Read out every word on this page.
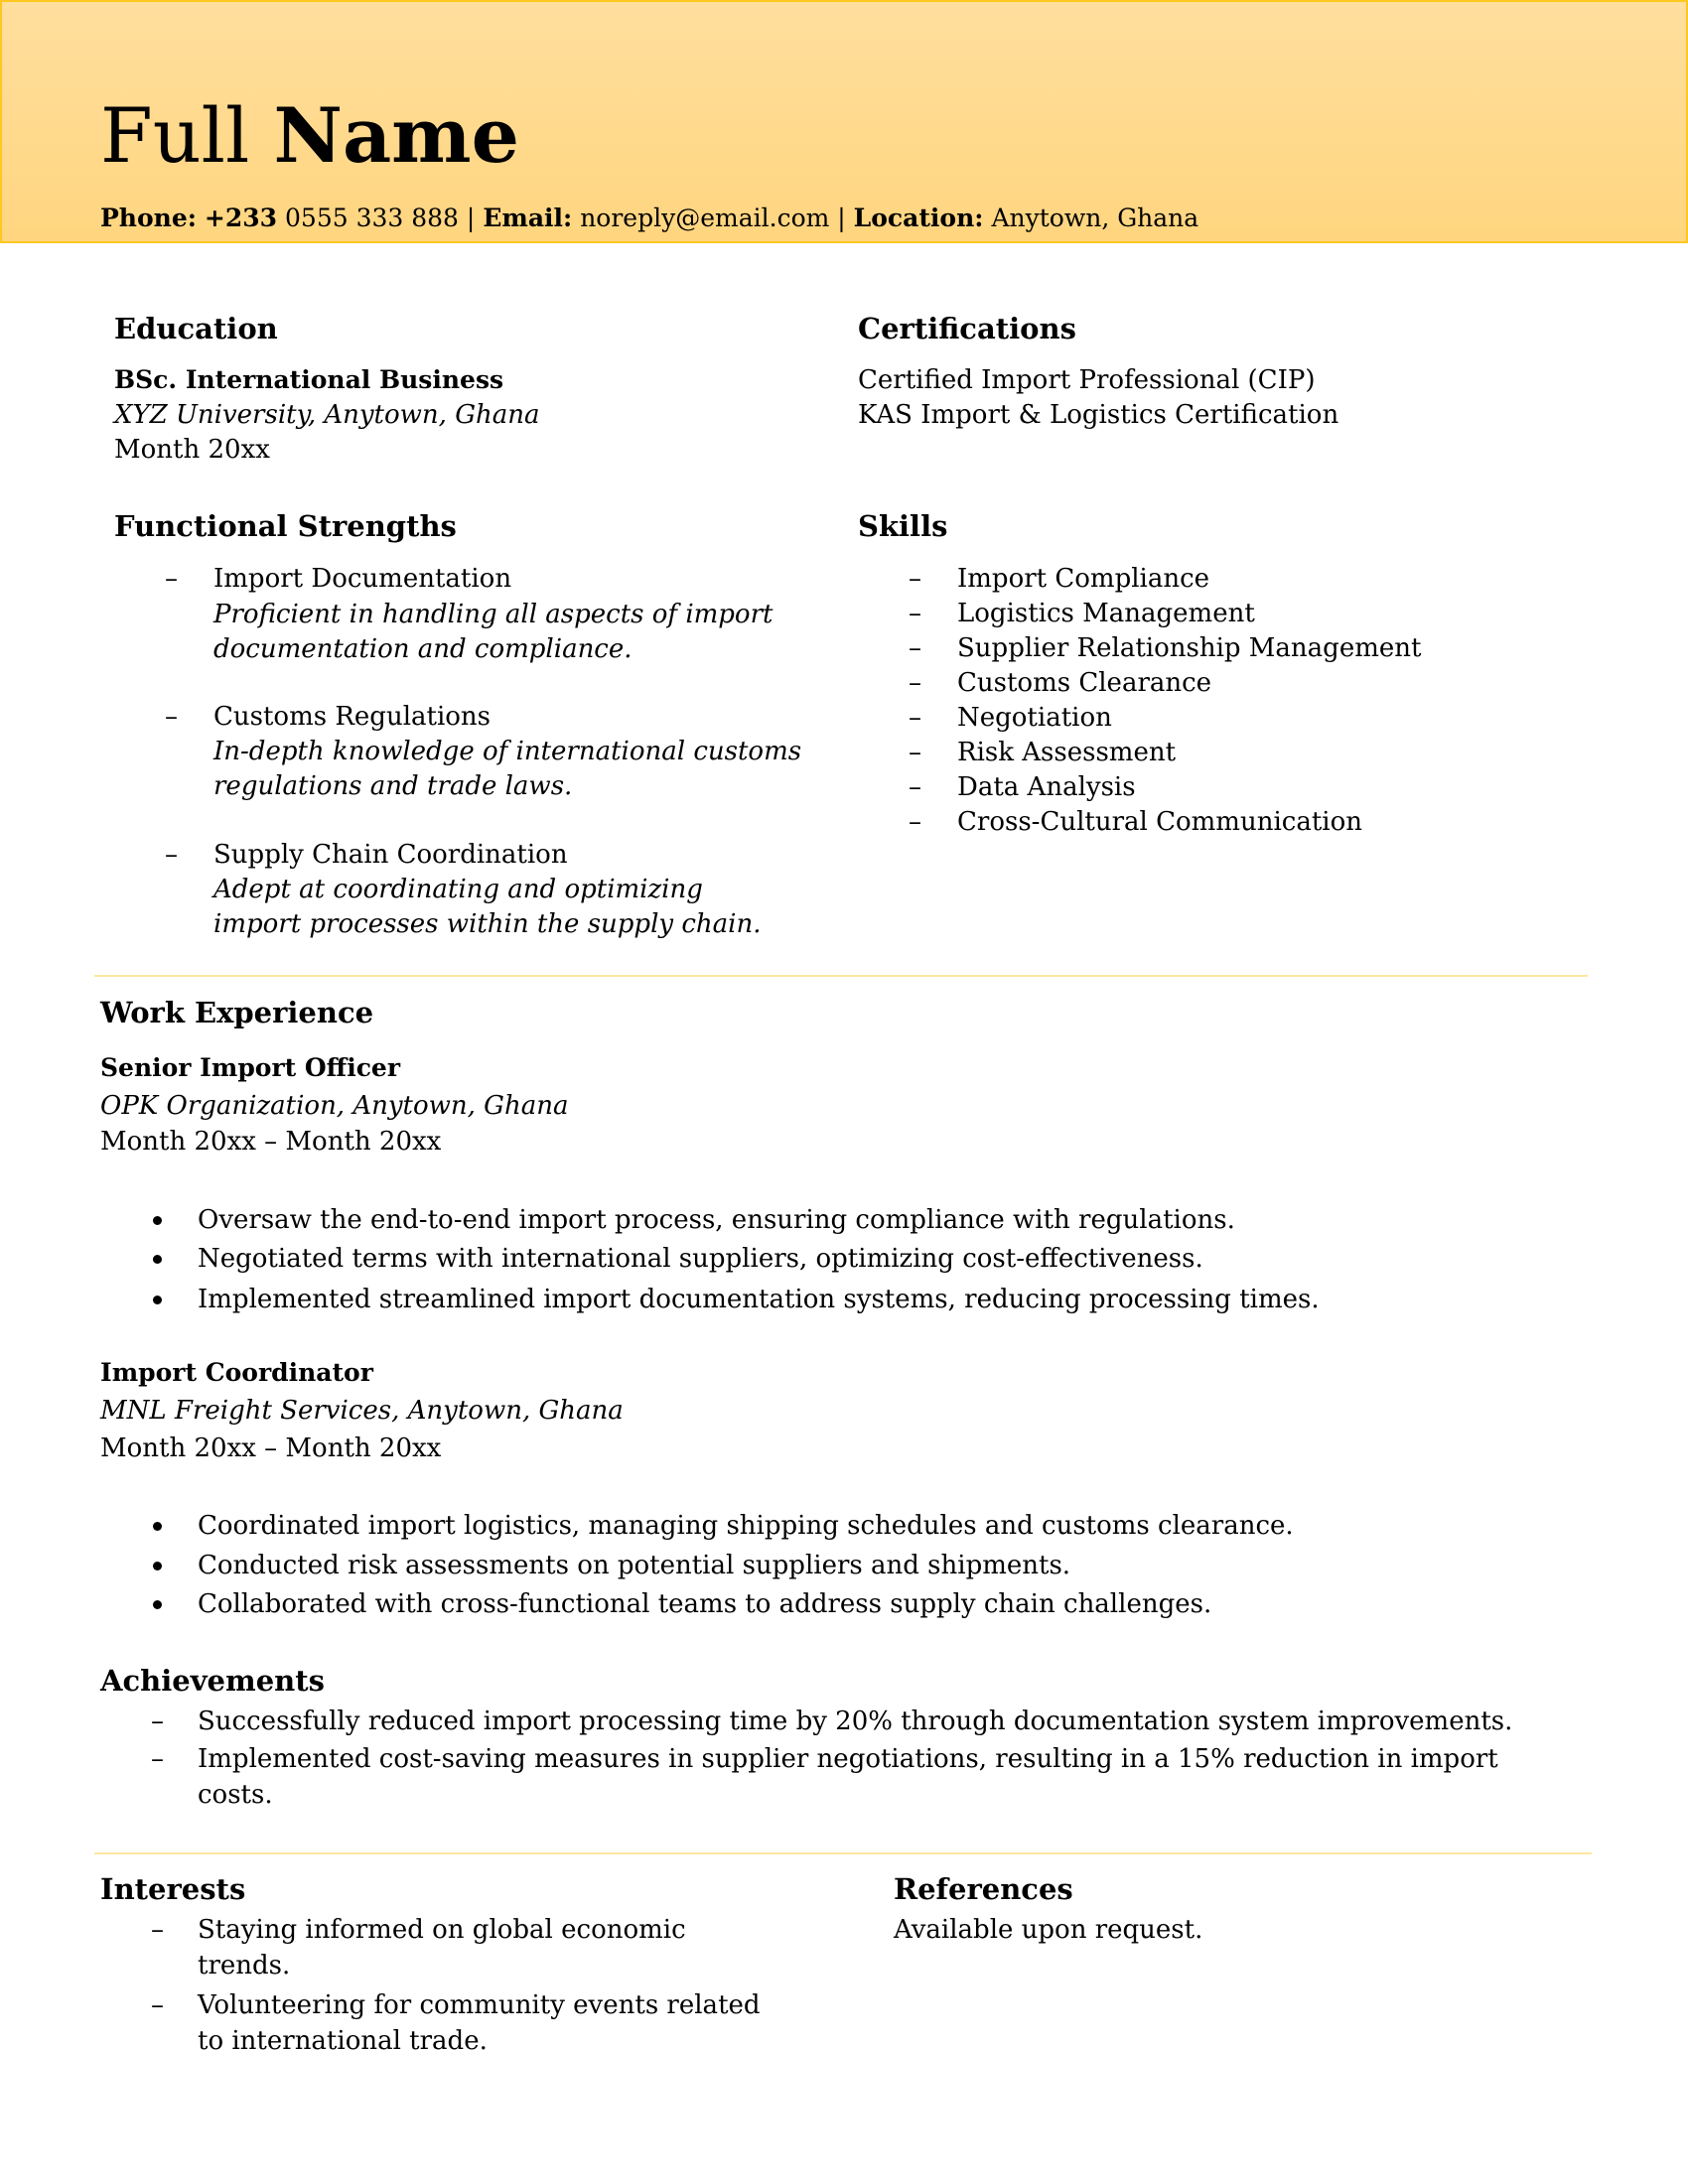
Full Name
Phone: +233 0555 333 888 | Email: noreply@email.com | Location: Anytown, Ghana
Education
BSc. International Business
XYZ University, Anytown, Ghana
Month 20xx
Certifications
Certified Import Professional (CIP)
KAS Import & Logistics Certification
Functional Strengths
– Import Documentation
Proficient in handling all aspects of import
documentation and compliance.
– Customs Regulations
In-depth knowledge of international customs
regulations and trade laws.
– Supply Chain Coordination
Adept at coordinating and optimizing
import processes within the supply chain.
Skills
– Import Compliance
– Logistics Management
– Supplier Relationship Management
– Customs Clearance
– Negotiation
– Risk Assessment
– Data Analysis
– Cross-Cultural Communication
Work Experience
Senior Import Officer
OPK Organization, Anytown, Ghana
Month 20xx – Month 20xx
Oversaw the end-to-end import process, ensuring compliance with regulations.
Negotiated terms with international suppliers, optimizing cost-effectiveness.
Implemented streamlined import documentation systems, reducing processing times.
Import Coordinator
MNL Freight Services, Anytown, Ghana
Month 20xx – Month 20xx
Coordinated import logistics, managing shipping schedules and customs clearance.
Conducted risk assessments on potential suppliers and shipments.
Collaborated with cross-functional teams to address supply chain challenges.
Achievements
– Successfully reduced import processing time by 20% through documentation system improvements.
– Implemented cost-saving measures in supplier negotiations, resulting in a 15% reduction in import
costs.
Interests
– Staying informed on global economic
trends.
– Volunteering for community events related
to international trade.
References
Available upon request.
